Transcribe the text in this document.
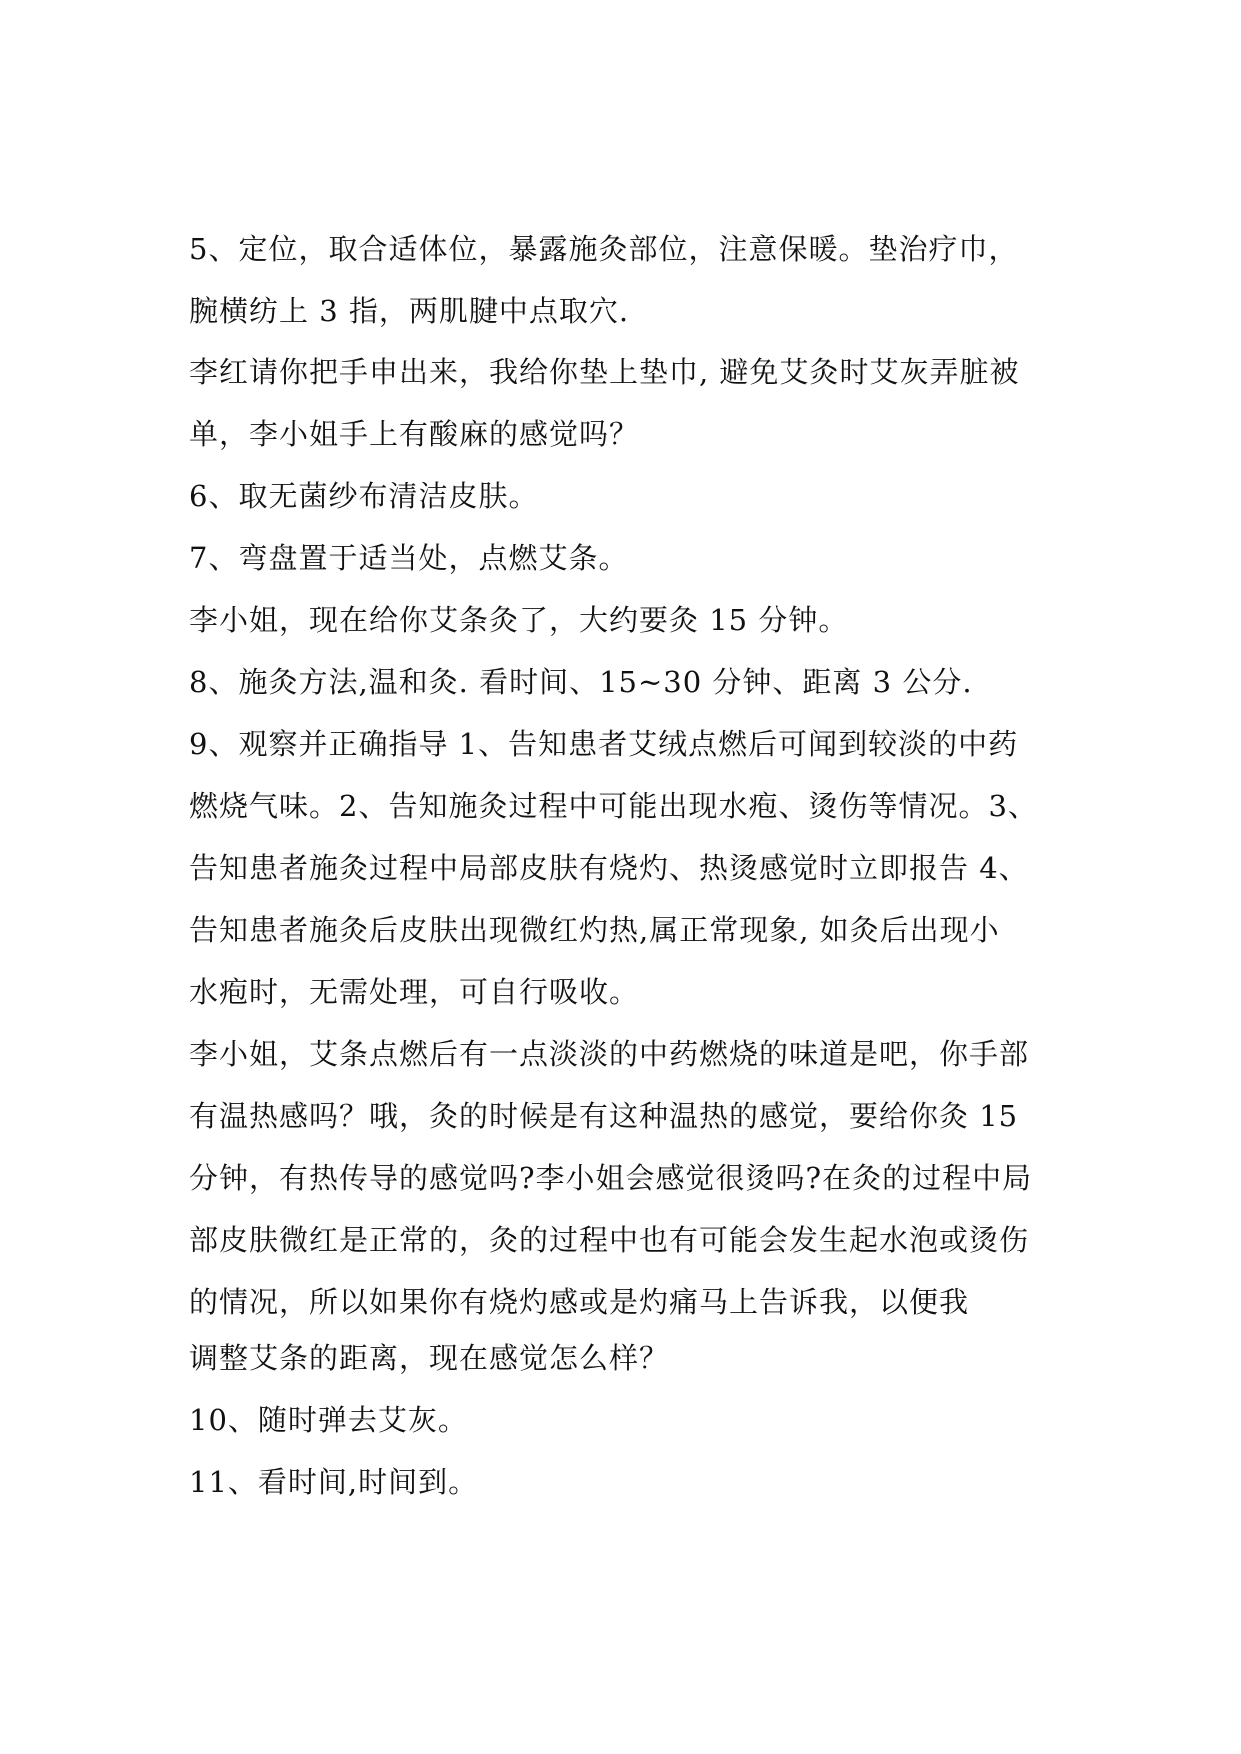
5、定位，取合适体位，暴露施灸部位，注意保暖。垫治疗巾，

腕横纺上 3 指，两肌腱中点取穴.

李红请你把手申出来，我给你垫上垫巾, 避免艾灸时艾灰弄脏被

单，李小姐手上有酸麻的感觉吗？

6、取无菌纱布清洁皮肤。

7、弯盘置于适当处，点燃艾条。

李小姐，现在给你艾条灸了，大约要灸 15 分钟。

8、施灸方法,温和灸. 看时间、15~30 分钟、距离 3 公分.

9、观察并正确指导 1、告知患者艾绒点燃后可闻到较淡的中药

燃烧气味。2、告知施灸过程中可能出现水疱、烫伤等情况。3、

告知患者施灸过程中局部皮肤有烧灼、热烫感觉时立即报告 4、

告知患者施灸后皮肤出现微红灼热,属正常现象, 如灸后出现小

水疱时，无需处理，可自行吸收。

李小姐，艾条点燃后有一点淡淡的中药燃烧的味道是吧，你手部

有温热感吗？哦，灸的时候是有这种温热的感觉，要给你灸 15

分钟，有热传导的感觉吗?李小姐会感觉很烫吗?在灸的过程中局

部皮肤微红是正常的，灸的过程中也有可能会发生起水泡或烫伤

的情况，所以如果你有烧灼感或是灼痛马上告诉我，以便我

调整艾条的距离，现在感觉怎么样？

10、随时弹去艾灰。

11、看时间,时间到。
